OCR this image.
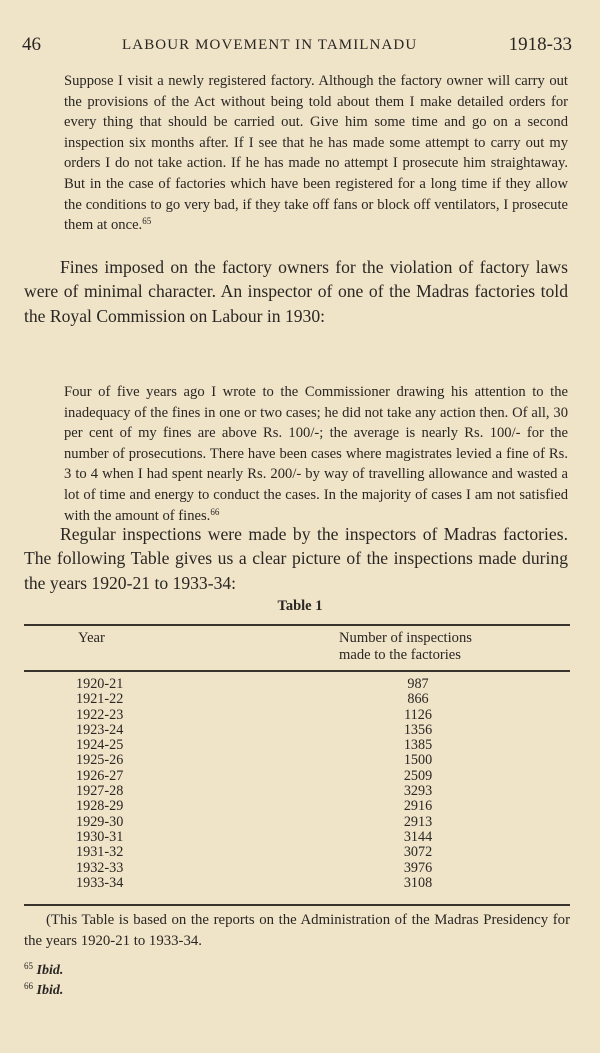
46	LABOUR MOVEMENT IN TAMILNADU	1918-33
Suppose I visit a newly registered factory. Although the factory owner will carry out the provisions of the Act without being told about them I make detailed orders for every thing that should be carried out. Give him some time and go on a second inspection six months after. If I see that he has made some attempt to carry out my orders I do not take action. If he has made no attempt I prosecute him straightaway. But in the case of factories which have been registered for a long time if they allow the conditions to go very bad, if they take off fans or block off ventilators, I prosecute them at once.$^{65}$
Fines imposed on the factory owners for the violation of factory laws were of minimal character. An inspector of one of the Madras factories told the Royal Commission on Labour in 1930:
Four of five years ago I wrote to the Commissioner drawing his attention to the inadequacy of the fines in one or two cases; he did not take any action then. Of all, 30 per cent of my fines are above Rs. 100/-; the average is nearly Rs. 100/- for the number of prosecutions. There have been cases where magistrates levied a fine of Rs. 3 to 4 when I had spent nearly Rs. 200/- by way of travelling allowance and wasted a lot of time and energy to conduct the cases. In the majority of cases I am not satisfied with the amount of fines.$^{66}$
Regular inspections were made by the inspectors of Madras factories. The following Table gives us a clear picture of the inspections made during the years 1920-21 to 1933-34:
Table 1
Year	Number of inspections
made to the factories
1920-21	987
1921-22	866
1922-23	1126
1923-24	1356
1924-25	1385
1925-26	1500
1926-27	2509
1927-28	3293
1928-29	2916
1929-30	2913
1930-31	3144
1931-32	3072
1932-33	3976
1933-34	3108
(This Table is based on the reports on the Administration of the Madras Presidency for the years 1920-21 to 1933-34.
$^{65}$ Ibid.
$^{66}$ Ibid.
